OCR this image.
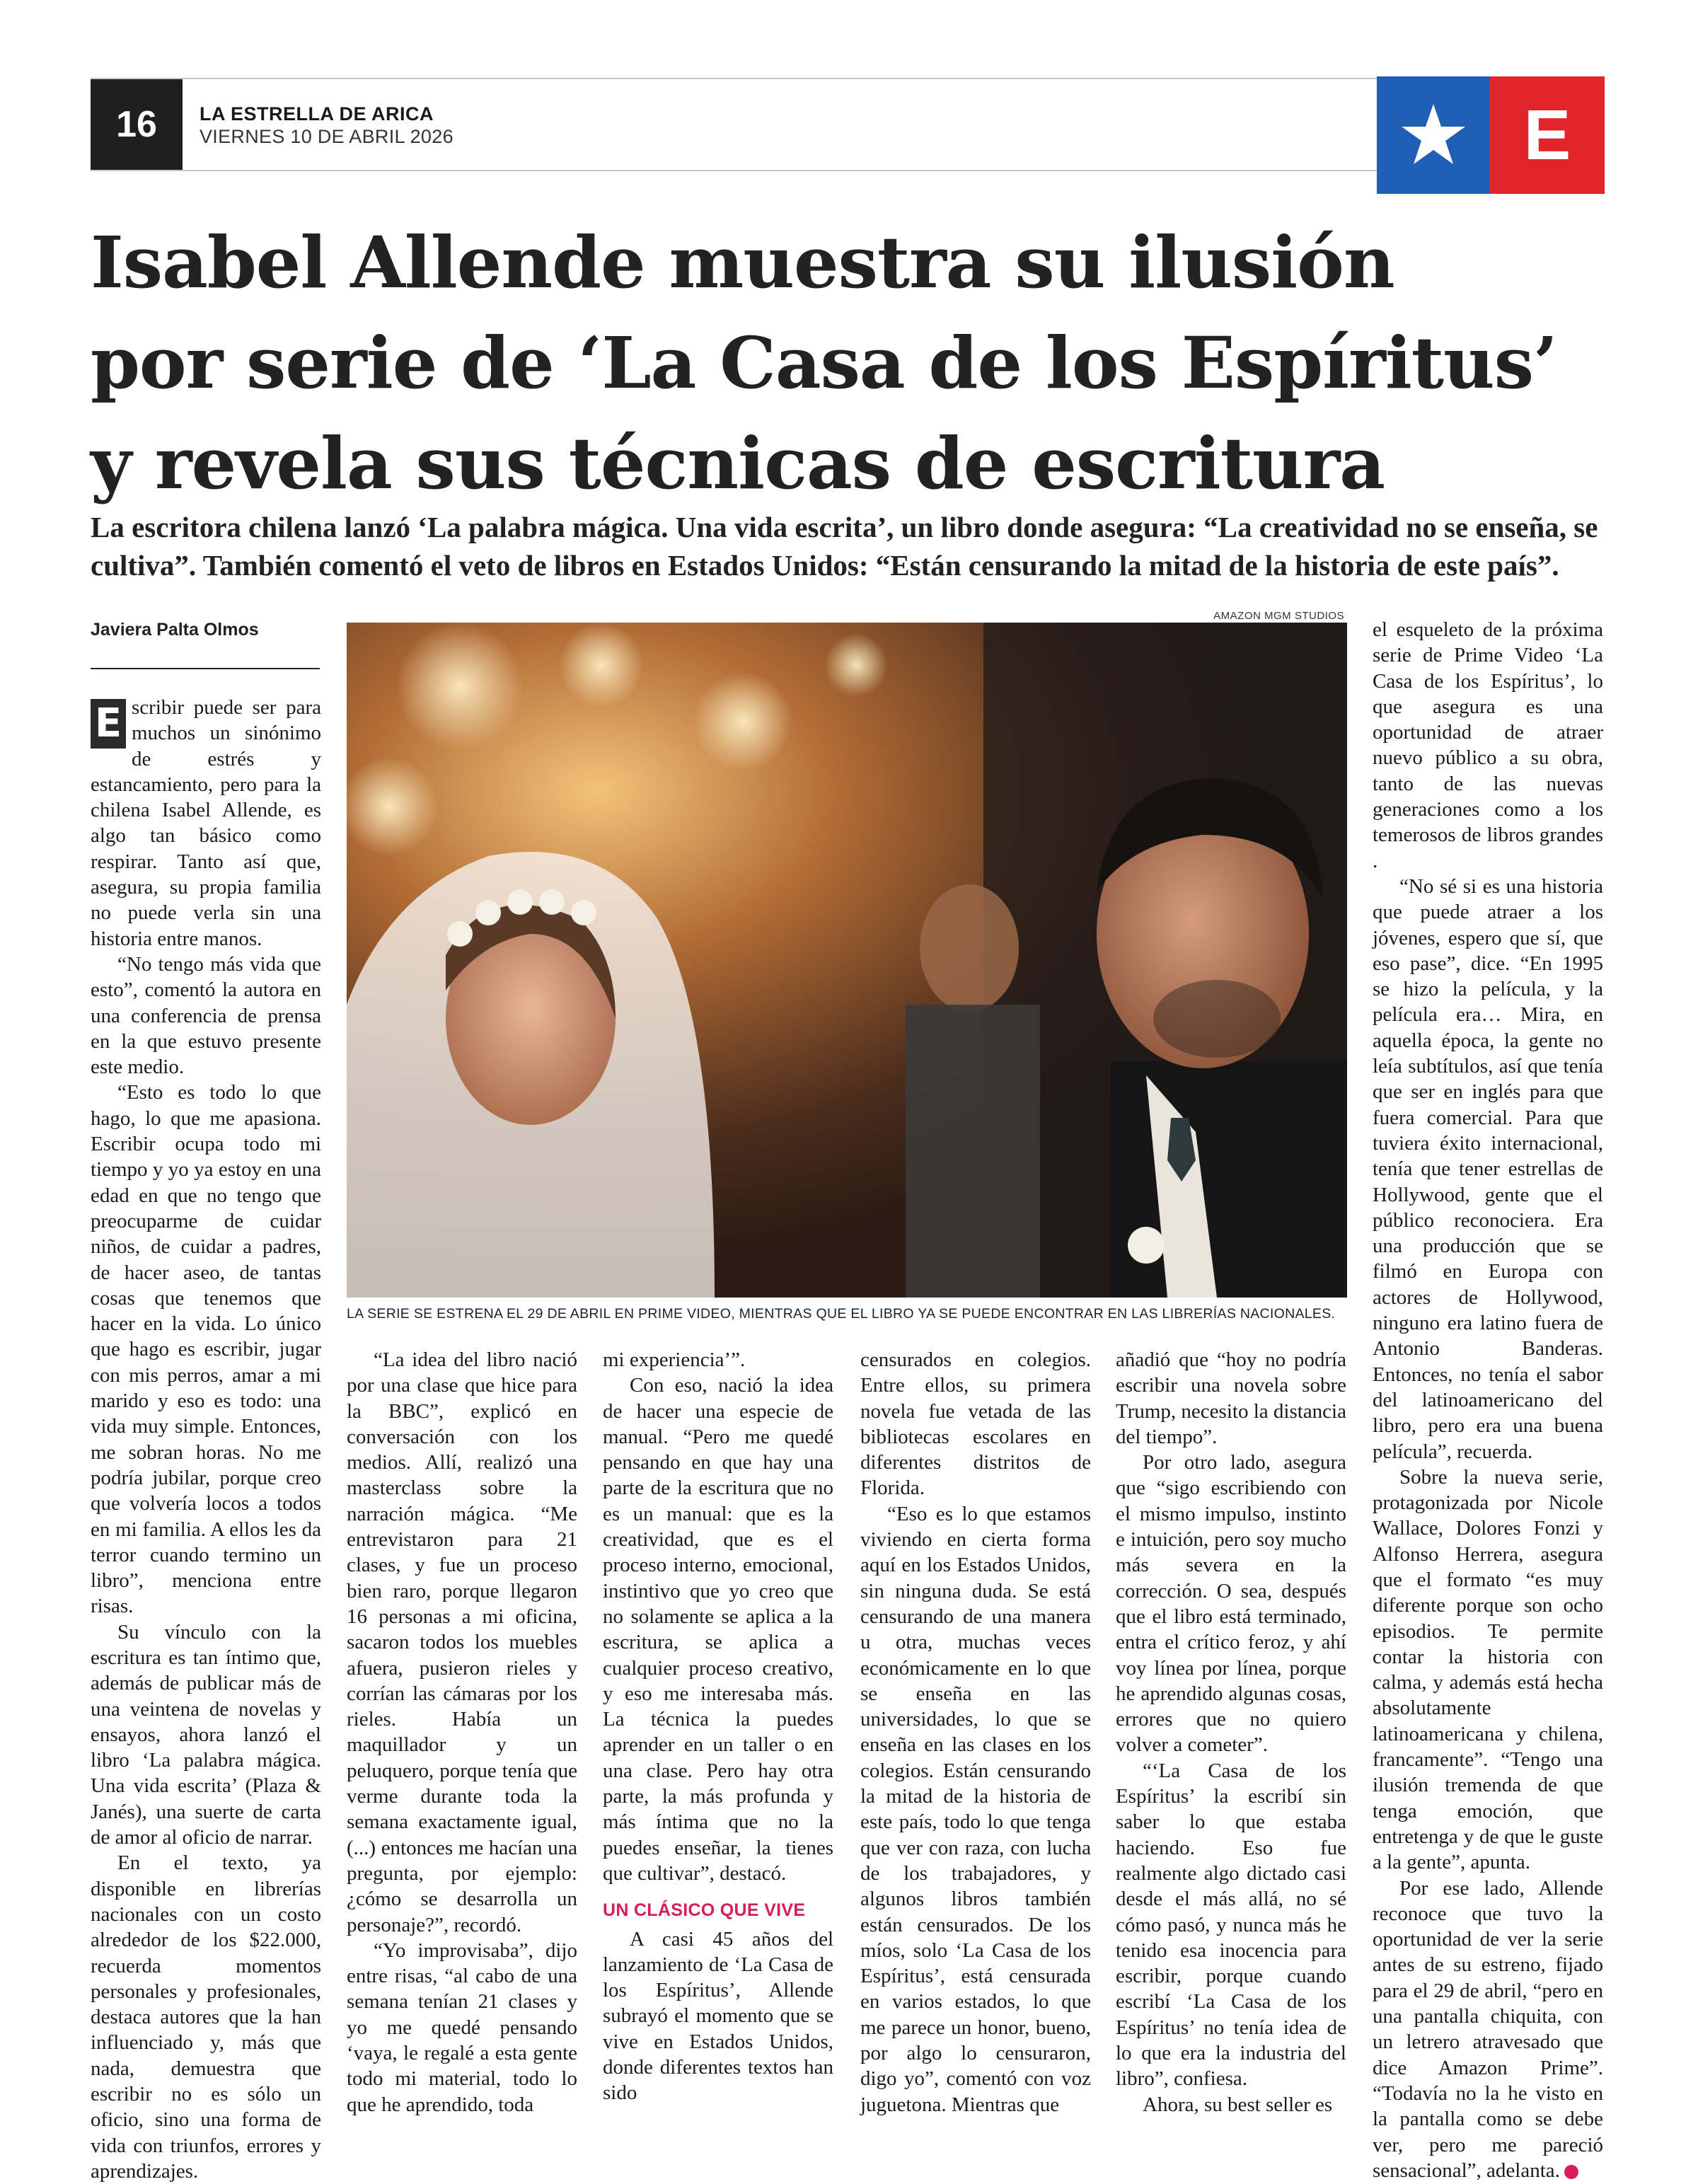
16	LA ESTRELLA DE ARICA
VIERNES 10 DE ABRIL 2026	E
Isabel Allende muestra su ilusión
por serie de ‘La Casa de los Espíritus’
y revela sus técnicas de escritura
La escritora chilena lanzó ‘La palabra mágica. Una vida escrita’, un libro donde asegura: “La creatividad no se enseña, se cultiva”. También comentó el veto de libros en Estados Unidos: “Están censurando la mitad de la historia de este país”.
Javiera Palta Olmos
AMAZON MGM STUDIOS
LA SERIE SE ESTRENA EL 29 DE ABRIL EN PRIME VIDEO, MIENTRAS QUE EL LIBRO YA SE PUEDE ENCONTRAR EN LAS LIBRERÍAS NACIONALES.

E scribir puede ser para muchos un sinónimo de estrés y estancamiento, pero para la chilena Isabel Allende, es algo tan básico como respirar. Tanto así que, asegura, su propia familia no puede verla sin una historia entre manos.

“No tengo más vida que esto”, comentó la autora en una conferencia de prensa en la que estuvo presente este medio.

“Esto es todo lo que hago, lo que me apasiona. Escribir ocupa todo mi tiempo y yo ya estoy en una edad en que no tengo que preocuparme de cuidar niños, de cuidar a padres, de hacer aseo, de tantas cosas que tenemos que hacer en la vida. Lo único que hago es escribir, jugar con mis perros, amar a mi marido y eso es todo: una vida muy simple. Entonces, me sobran horas. No me podría jubilar, porque creo que volvería locos a todos en mi familia. A ellos les da terror cuando termino un libro”, menciona entre risas.

Su vínculo con la escritura es tan íntimo que, además de publicar más de una veintena de novelas y ensayos, ahora lanzó el libro ‘La palabra mágica. Una vida escrita’ (Plaza & Janés), una suerte de carta de amor al oficio de narrar.

En el texto, ya disponible en librerías nacionales con un costo alrededor de los $22.000, recuerda momentos personales y profesionales, destaca autores que la han influenciado y, más que nada, demuestra que escribir no es sólo un oficio, sino una forma de vida con triunfos, errores y aprendizajes.

“La idea del libro nació por una clase que hice para la BBC”, explicó en conversación con los medios. Allí, realizó una masterclass sobre la narración mágica. “Me entrevistaron para 21 clases, y fue un proceso bien raro, porque llegaron 16 personas a mi oficina, sacaron todos los muebles afuera, pusieron rieles y corrían las cámaras por los rieles. Había un maquillador y un peluquero, porque tenía que verme durante toda la semana exactamente igual, (...) entonces me hacían una pregunta, por ejemplo: ¿cómo se desarrolla un personaje?”, recordó.

“Yo improvisaba”, dijo entre risas, “al cabo de una semana tenían 21 clases y yo me quedé pensando ‘vaya, le regalé a esta gente todo mi material, todo lo que he aprendido, toda

mi experiencia’”.

Con eso, nació la idea de hacer una especie de manual. “Pero me quedé pensando en que hay una parte de la escritura que no es un manual: que es la creatividad, que es el proceso interno, emocional, instintivo que yo creo que no solamente se aplica a la escritura, se aplica a cualquier proceso creativo, y eso me interesaba más. La técnica la puedes aprender en un taller o en una clase. Pero hay otra parte, la más profunda y más íntima que no la puedes enseñar, la tienes que cultivar”, destacó.

UN CLÁSICO QUE VIVE

A casi 45 años del lanzamiento de ‘La Casa de los Espíritus’, Allende subrayó el momento que se vive en Estados Unidos, donde diferentes textos han sido

censurados en colegios. Entre ellos, su primera novela fue vetada de las bibliotecas escolares en diferentes distritos de Florida.

“Eso es lo que estamos viviendo en cierta forma aquí en los Estados Unidos, sin ninguna duda. Se está censurando de una manera u otra, muchas veces económicamente en lo que se enseña en las universidades, lo que se enseña en las clases en los colegios. Están censurando la mitad de la historia de este país, todo lo que tenga que ver con raza, con lucha de los trabajadores, y algunos libros también están censurados. De los míos, solo ‘La Casa de los Espíritus’, está censurada en varios estados, lo que me parece un honor, bueno, por algo lo censuraron, digo yo”, comentó con voz juguetona. Mientras que

añadió que “hoy no podría escribir una novela sobre Trump, necesito la distancia del tiempo”.

Por otro lado, asegura que “sigo escribiendo con el mismo impulso, instinto e intuición, pero soy mucho más severa en la corrección. O sea, después que el libro está terminado, entra el crítico feroz, y ahí voy línea por línea, porque he aprendido algunas cosas, errores que no quiero volver a cometer”.

“‘La Casa de los Espíritus’ la escribí sin saber lo que estaba haciendo. Eso fue realmente algo dictado casi desde el más allá, no sé cómo pasó, y nunca más he tenido esa inocencia para escribir, porque cuando escribí ‘La Casa de los Espíritus’ no tenía idea de lo que era la industria del libro”, confiesa.

Ahora, su best seller es

el esqueleto de la próxima serie de Prime Video ‘La Casa de los Espíritus’, lo que asegura es una oportunidad de atraer nuevo público a su obra, tanto de las nuevas generaciones como a los temerosos de libros grandes .

“No sé si es una historia que puede atraer a los jóvenes, espero que sí, que eso pase”, dice. “En 1995 se hizo la película, y la película era… Mira, en aquella época, la gente no leía subtítulos, así que tenía que ser en inglés para que fuera comercial. Para que tuviera éxito internacional, tenía que tener estrellas de Hollywood, gente que el público reconociera. Era una producción que se filmó en Europa con actores de Hollywood, ninguno era latino fuera de Antonio Banderas. Entonces, no tenía el sabor del latinoamericano del libro, pero era una buena película”, recuerda.

Sobre la nueva serie, protagonizada por Nicole Wallace, Dolores Fonzi y Alfonso Herrera, asegura que el formato “es muy diferente porque son ocho episodios. Te permite contar la historia con calma, y además está hecha absolutamente latinoamericana y chilena, francamente”. “Tengo una ilusión tremenda de que tenga emoción, que entretenga y de que le guste a la gente”, apunta.

Por ese lado, Allende reconoce que tuvo la oportunidad de ver la serie antes de su estreno, fijado para el 29 de abril, “pero en una pantalla chiquita, con un letrero atravesado que dice Amazon Prime”. “Todavía no la he visto en la pantalla como se debe ver, pero me pareció sensacional”, adelanta.	✪
